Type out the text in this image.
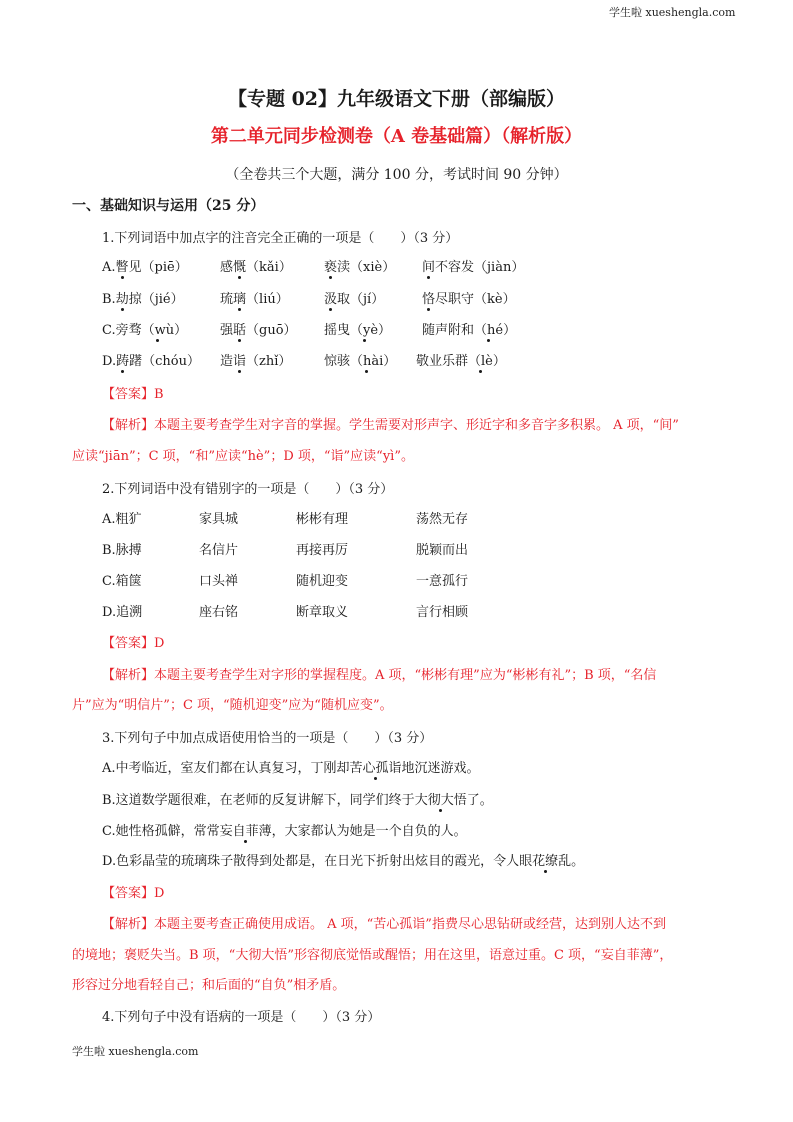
学生啦 xueshengla.com
【专题 02】九年级语文下册（部编版）
第二单元同步检测卷（A 卷基础篇）（解析版）
（全卷共三个大题，满分 100 分，考试时间 90 分钟）
一、基础知识与运用（25 分）
1.下列词语中加点字的注音完全正确的一项是（　　）（3 分）
A.瞥见（piē） 感慨（kǎi） 亵渎（xiè） 间不容发（jiàn）
B.劫掠（jié）	琉璃（liú）	汲取（jí）	恪尽职守（kè）
C.旁骛（wù）	强聒（guō） 摇曳（yè） 随声附和（hé）
D.踌躇（chóu） 造诣（zhǐ）	惊骇（hài） 敬业乐群（lè）
【答案】B
【解析】本题主要考查学生对字音的掌握。学生需要对形声字、形近字和多音字多积累。 A 项，“间”
应读“jiān”；C 项，“和”应读“hè”；D 项，“诣”应读“yì”。
2.下列词语中没有错别字的一项是（　　）（3 分）
A.粗犷	家具城	彬彬有理	荡然无存
B.脉搏	名信片	再接再厉	脱颖而出
C.箱箧	口头禅	随机迎变	一意孤行
D.追溯	座右铭	断章取义	言行相顾
【答案】D
【解析】本题主要考查学生对字形的掌握程度。A 项，“彬彬有理”应为“彬彬有礼”；B 项，“名信
片”应为“明信片”；C 项，“随机迎变”应为“随机应变”。
3.下列句子中加点成语使用恰当的一项是（　　）（3 分）
A.中考临近，室友们都在认真复习，丁刚却苦心孤诣地沉迷游戏。
B.这道数学题很难，在老师的反复讲解下，同学们终于大彻大悟了。
C.她性格孤僻，常常妄自菲薄，大家都认为她是一个自负的人。
D.色彩晶莹的琉璃珠子散得到处都是，在日光下折射出炫目的霞光，令人眼花缭乱。
【答案】D
【解析】本题主要考查正确使用成语。 A 项，“苦心孤诣”指费尽心思钻研或经营，达到别人达不到
的境地；褒贬失当。B 项，“大彻大悟”形容彻底觉悟或醒悟；用在这里，语意过重。C 项，“妄自菲薄”，
形容过分地看轻自己；和后面的“自负”相矛盾。
4.下列句子中没有语病的一项是（　　）（3 分）
学生啦 xueshengla.com
